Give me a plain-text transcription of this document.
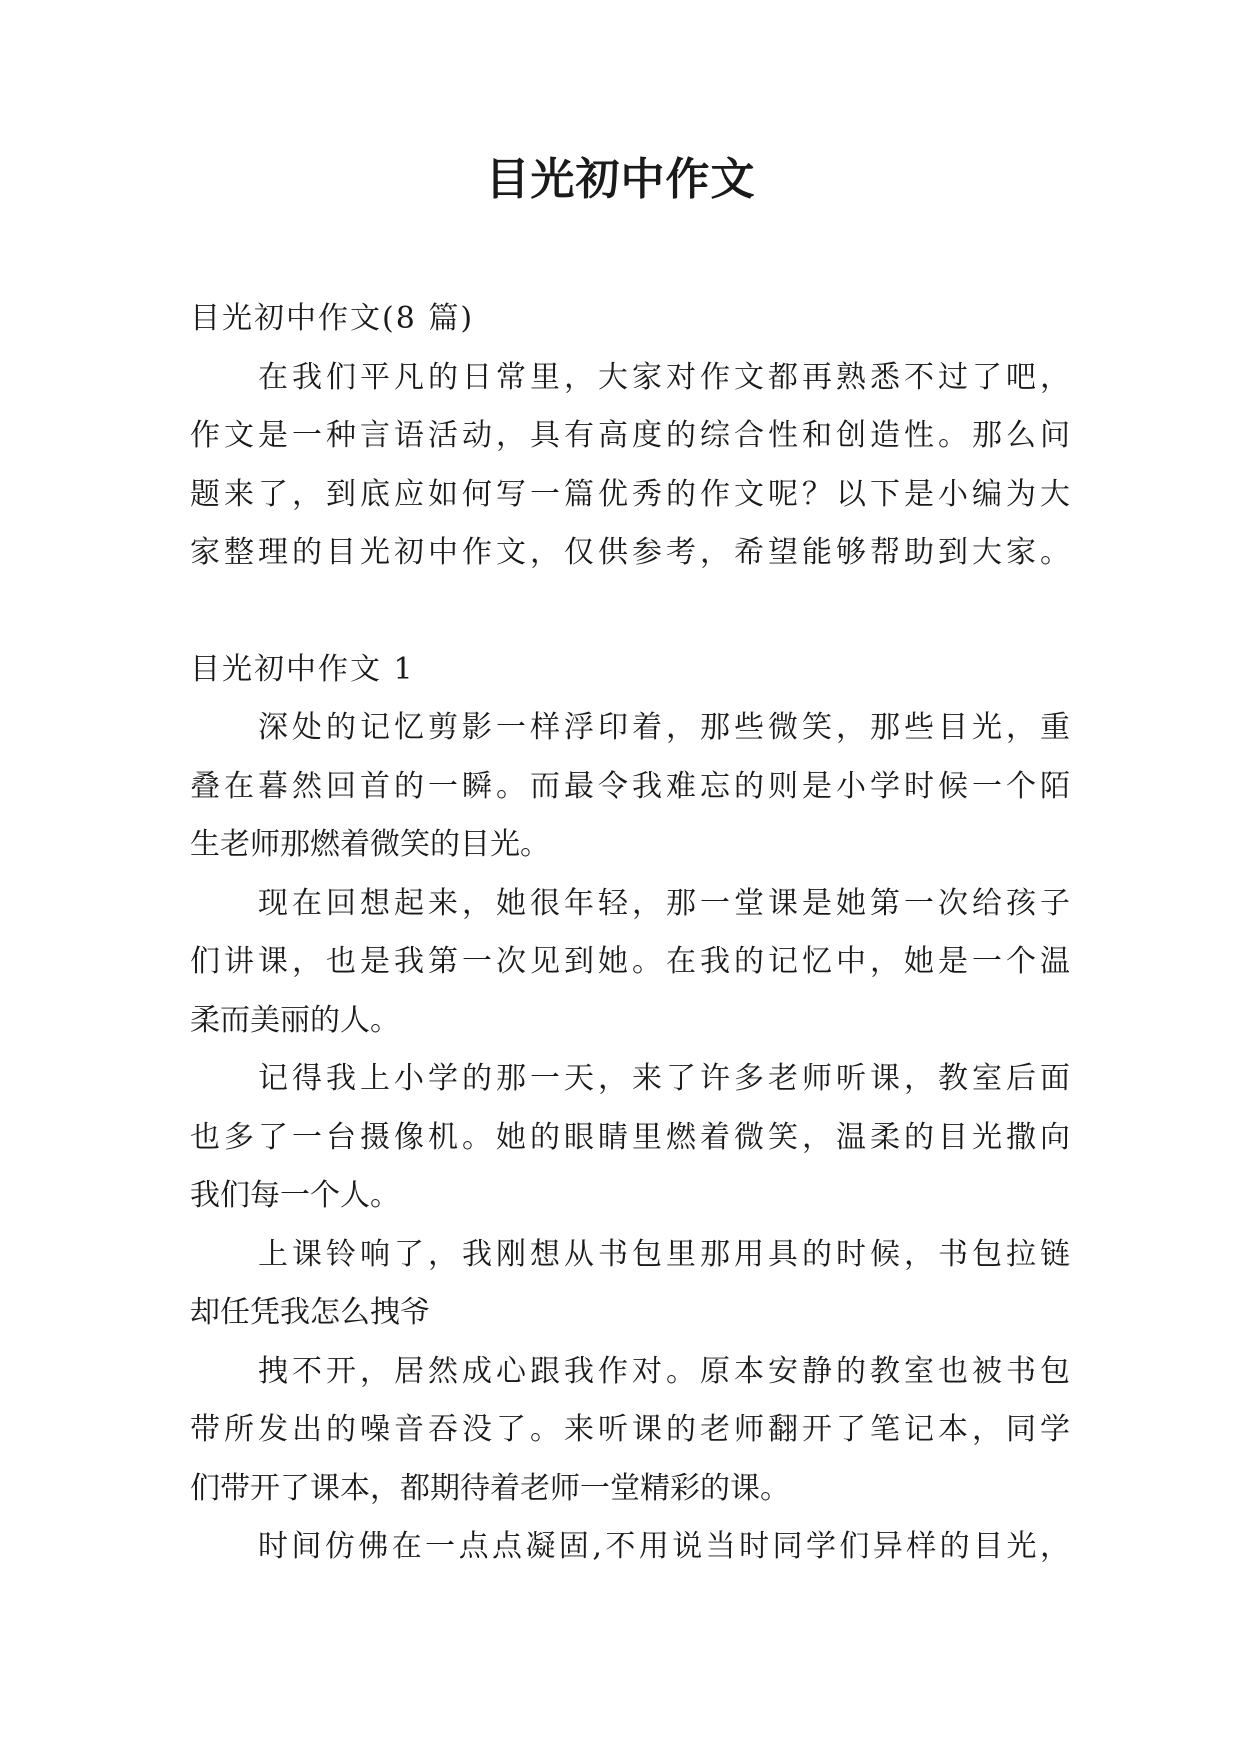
目光初中作文

目光初中作文(8 篇)

在我们平凡的日常里，大家对作文都再熟悉不过了吧，

作文是一种言语活动，具有高度的综合性和创造性。那么问

题来了，到底应如何写一篇优秀的作文呢？以下是小编为大

家整理的目光初中作文，仅供参考，希望能够帮助到大家。

目光初中作文 1

深处的记忆剪影一样浮印着，那些微笑，那些目光，重

叠在暮然回首的一瞬。而最令我难忘的则是小学时候一个陌

生老师那燃着微笑的目光。

现在回想起来，她很年轻，那一堂课是她第一次给孩子

们讲课，也是我第一次见到她。在我的记忆中，她是一个温

柔而美丽的人。

记得我上小学的那一天，来了许多老师听课，教室后面

也多了一台摄像机。她的眼睛里燃着微笑，温柔的目光撒向

我们每一个人。

上课铃响了，我刚想从书包里那用具的时候，书包拉链

却任凭我怎么拽爷

拽不开，居然成心跟我作对。原本安静的教室也被书包

带所发出的噪音吞没了。来听课的老师翻开了笔记本，同学

们带开了课本，都期待着老师一堂精彩的课。

时间仿佛在一点点凝固,不用说当时同学们异样的目光，
